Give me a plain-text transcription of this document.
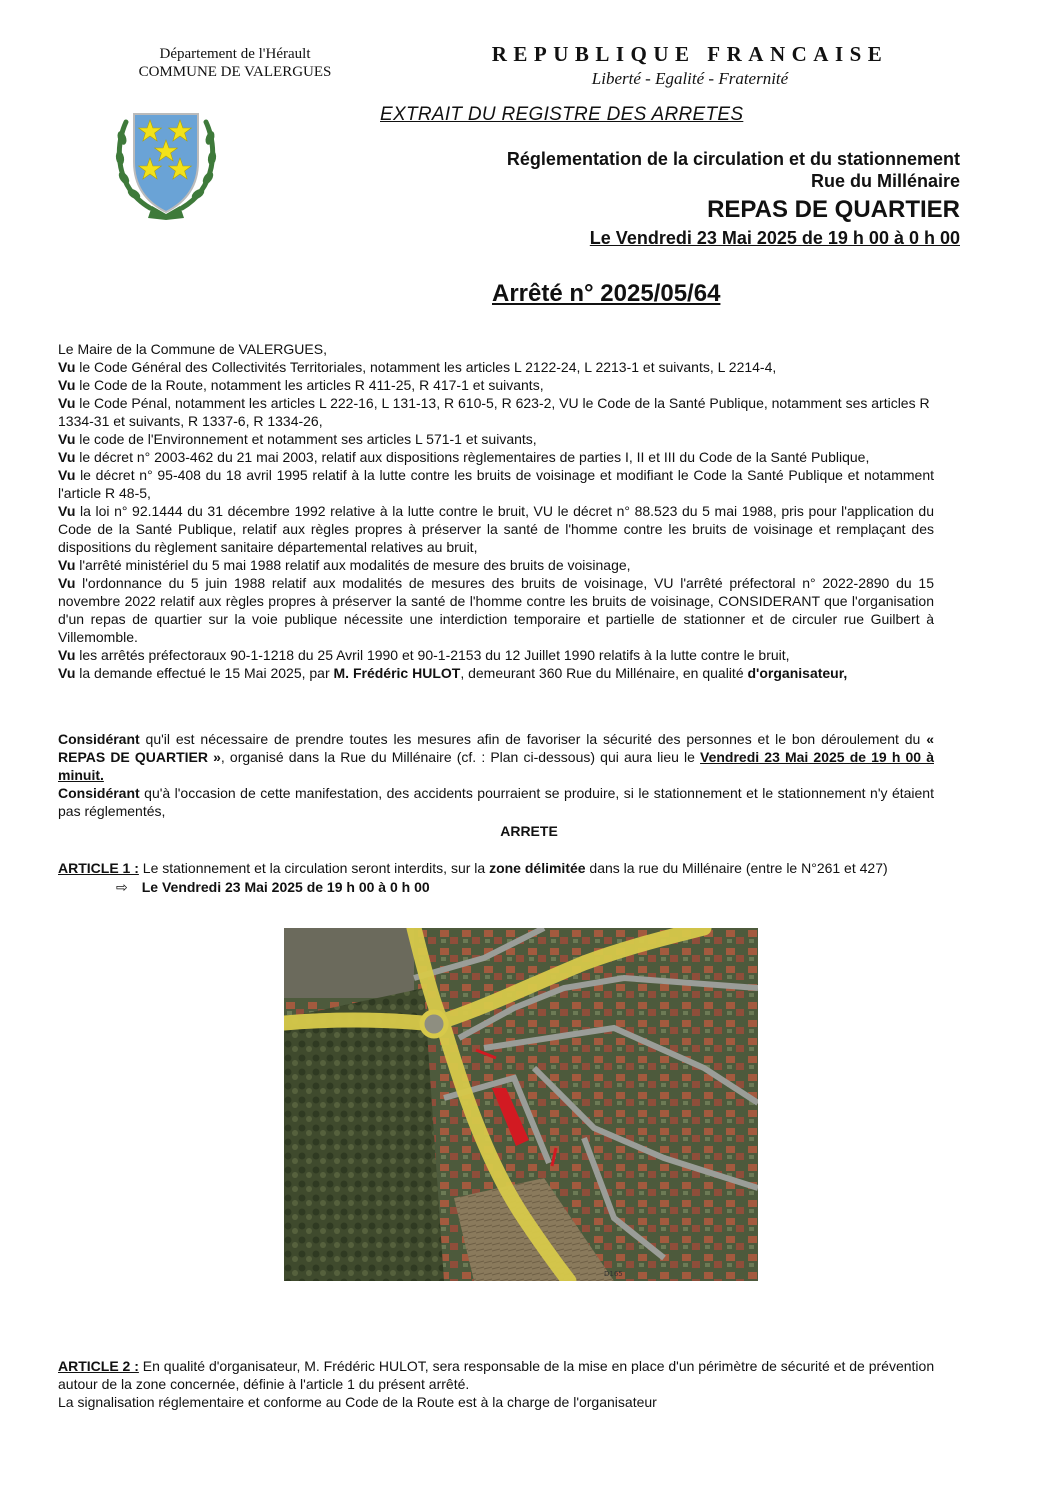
Département de l'Hérault
COMMUNE DE VALERGUES
REPUBLIQUE FRANCAISE
Liberté - Egalité - Fraternité
EXTRAIT DU REGISTRE DES ARRETES
Réglementation de la circulation et du stationnement
Rue du Millénaire
REPAS DE QUARTIER
Le Vendredi 23 Mai 2025 de 19 h 00 à 0 h 00
Arrêté n° 2025/05/64

Le Maire de la Commune de VALERGUES,

Vu le Code Général des Collectivités Territoriales, notamment les articles L 2122-24, L 2213-1 et suivants, L 2214-4,

Vu le Code de la Route, notamment les articles R 411-25, R 417-1 et suivants,

Vu le Code Pénal, notamment les articles L 222-16, L 131-13, R 610-5, R 623-2, VU le Code de la Santé Publique, notamment ses articles R 1334-31 et suivants, R 1337-6, R 1334-26,

Vu le code de l'Environnement et notamment ses articles L 571-1 et suivants,

Vu le décret n° 2003-462 du 21 mai 2003, relatif aux dispositions règlementaires de parties I, II et III du Code de la Santé Publique,

Vu le décret n° 95-408 du 18 avril 1995 relatif à la lutte contre les bruits de voisinage et modifiant le Code la Santé Publique et notamment l'article R 48-5,

Vu la loi n° 92.1444 du 31 décembre 1992 relative à la lutte contre le bruit, VU le décret n° 88.523 du 5 mai 1988, pris pour l'application du Code de la Santé Publique, relatif aux règles propres à préserver la santé de l'homme contre les bruits de voisinage et remplaçant des dispositions du règlement sanitaire départemental relatives au bruit,

Vu l'arrêté ministériel du 5 mai 1988 relatif aux modalités de mesure des bruits de voisinage,

Vu l'ordonnance du 5 juin 1988 relatif aux modalités de mesures des bruits de voisinage, VU l'arrêté préfectoral n° 2022-2890 du 15 novembre 2022 relatif aux règles propres à préserver la santé de l'homme contre les bruits de voisinage, CONSIDERANT que l'organisation d'un repas de quartier sur la voie publique nécessite une interdiction temporaire et partielle de stationner et de circuler rue Guilbert à Villemomble.

Vu les arrêtés préfectoraux 90-1-1218 du 25 Avril 1990 et 90-1-2153 du 12 Juillet 1990 relatifs à la lutte contre le bruit,

Vu la demande effectué le 15 Mai 2025, par M. Frédéric HULOT, demeurant 360 Rue du Millénaire, en qualité d'organisateur,

Considérant qu'il est nécessaire de prendre toutes les mesures afin de favoriser la sécurité des personnes et le bon déroulement du « REPAS DE QUARTIER », organisé dans la Rue du Millénaire (cf. : Plan ci-dessous) qui aura lieu le Vendredi 23 Mai 2025 de 19 h 00 à minuit.

Considérant qu'à l'occasion de cette manifestation, des accidents pourraient se produire, si le stationnement et le stationnement n'y étaient pas réglementés,

ARRETE
ARTICLE 1 : Le stationnement et la circulation seront interdits, sur la zone délimitée dans la rue du Millénaire (entre le N°261 et 427)
⇨ Le Vendredi 23 Mai 2025 de 19 h 00 à 0 h 00
D165
ARTICLE 2 : En qualité d'organisateur, M. Frédéric HULOT, sera responsable de la mise en place d'un périmètre de sécurité et de prévention autour de la zone concernée, définie à l'article 1 du présent arrêté.
La signalisation réglementaire et conforme au Code de la Route est à la charge de l'organisateur
